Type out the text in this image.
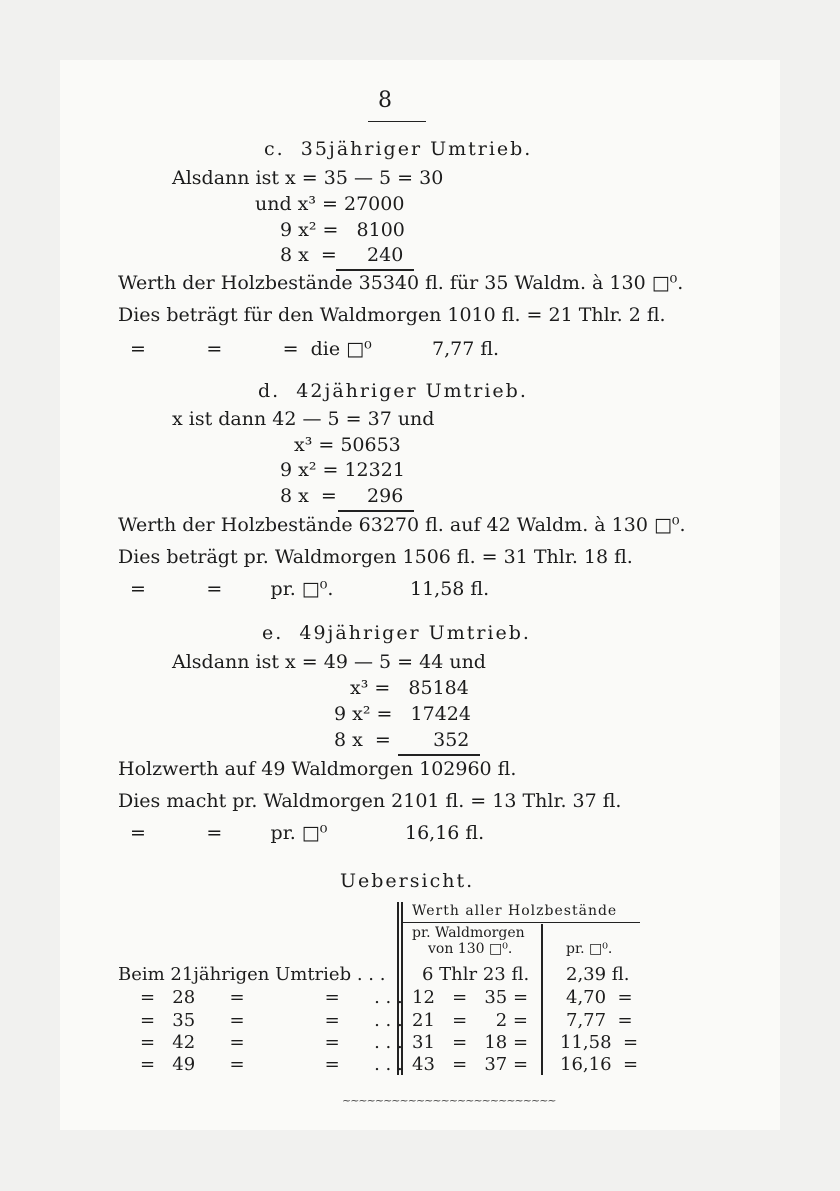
8
c.  35jähriger Umtrieb.
Alsdann ist x = 35 — 5 = 30
und x³ = 27000
9 x² =   8100
8 x  =     240
Werth der Holzbestände 35340 fl. für 35 Waldm. à 130 □⁰.
Dies beträgt für den Waldmorgen 1010 fl. = 21 Thlr. 2 fl.
=          =          =  die □⁰	7,77 fl.
d.  42jähriger Umtrieb.
x ist dann 42 — 5 = 37 und
x³ = 50653
9 x² = 12321
8 x  =     296
Werth der Holzbestände 63270 fl. auf 42 Waldm. à 130 □⁰.
Dies beträgt pr. Waldmorgen 1506 fl. = 31 Thlr. 18 fl.
=          =        pr. □⁰.	11,58 fl.
e.  49jähriger Umtrieb.
Alsdann ist x = 49 — 5 = 44 und
x³ =   85184
9 x² =   17424
8 x  =       352
Holzwerth auf 49 Waldmorgen 102960 fl.
Dies macht pr. Waldmorgen 2101 fl. = 13 Thlr. 37 fl.
=          =        pr. □⁰	16,16 fl.
Uebersicht.
Werth aller Holzbestände
pr. Waldmorgen
von 130 □⁰.	pr. □⁰.
Beim 21jährigen Umtrieb . . . 6 Thlr 23 fl. 2,39 fl.
=   28      =              =      . . . 12   =   35 = 4,70  =
=   35      =              =      . . . 21   =     2 = 7,77  =
=   42      =              =      . . . 31   =   18 = 11,58  =
=   49      =              =      . . . 43   =   37 = 16,16  =
~~~~~~~~~~~~~~~~~~~~~~~~~~
